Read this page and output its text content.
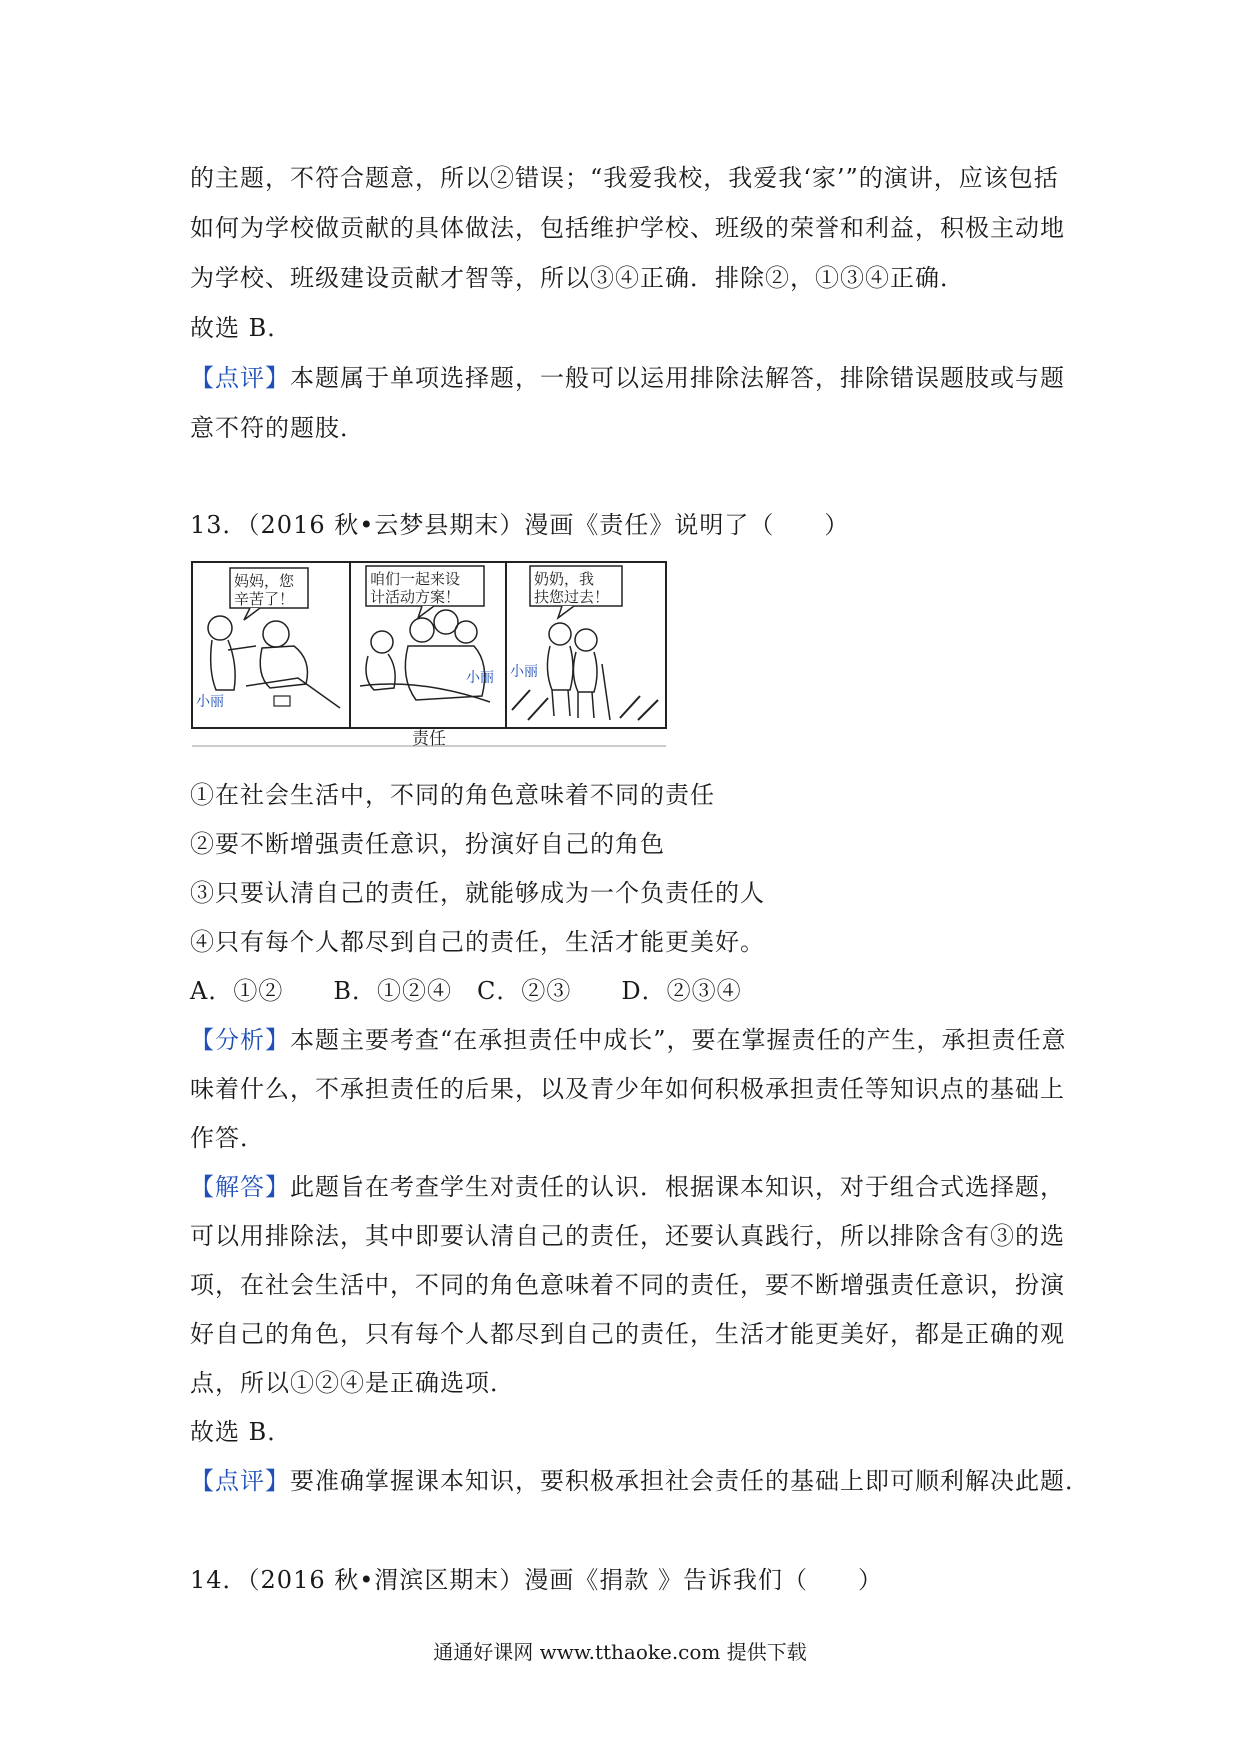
的主题，不符合题意，所以②错误；“我爱我校，我爱我‘家’”的演讲，应该包括
如何为学校做贡献的具体做法，包括维护学校、班级的荣誉和利益，积极主动地
为学校、班级建设贡献才智等，所以③④正确．排除②，①③④正确．
故选 B．
【点评】本题属于单项选择题，一般可以运用排除法解答，排除错误题肢或与题
意不符的题肢．
13．（2016 秋•云梦县期末）漫画《责任》说明了（　　）
妈妈，您
辛苦了！
小丽
咱们一起来设
计活动方案！
小丽
奶奶，我
扶您过去！
小丽
责任
①在社会生活中，不同的角色意味着不同的责任
②要不断增强责任意识，扮演好自己的角色
③只要认清自己的责任，就能够成为一个负责任的人
④只有每个人都尽到自己的责任，生活才能更美好。
A．①②　　B．①②④　C．②③　　D．②③④
【分析】本题主要考查“在承担责任中成长”，要在掌握责任的产生，承担责任意
味着什么，不承担责任的后果，以及青少年如何积极承担责任等知识点的基础上
作答．
【解答】此题旨在考查学生对责任的认识．根据课本知识，对于组合式选择题，
可以用排除法，其中即要认清自己的责任，还要认真践行，所以排除含有③的选
项，在社会生活中，不同的角色意味着不同的责任，要不断增强责任意识，扮演
好自己的角色，只有每个人都尽到自己的责任，生活才能更美好，都是正确的观
点，所以①②④是正确选项．
故选 B．
【点评】要准确掌握课本知识，要积极承担社会责任的基础上即可顺利解决此题．
14．（2016 秋•渭滨区期末）漫画《捐款 》告诉我们（　　）
通通好课网 www.tthaoke.com 提供下载
